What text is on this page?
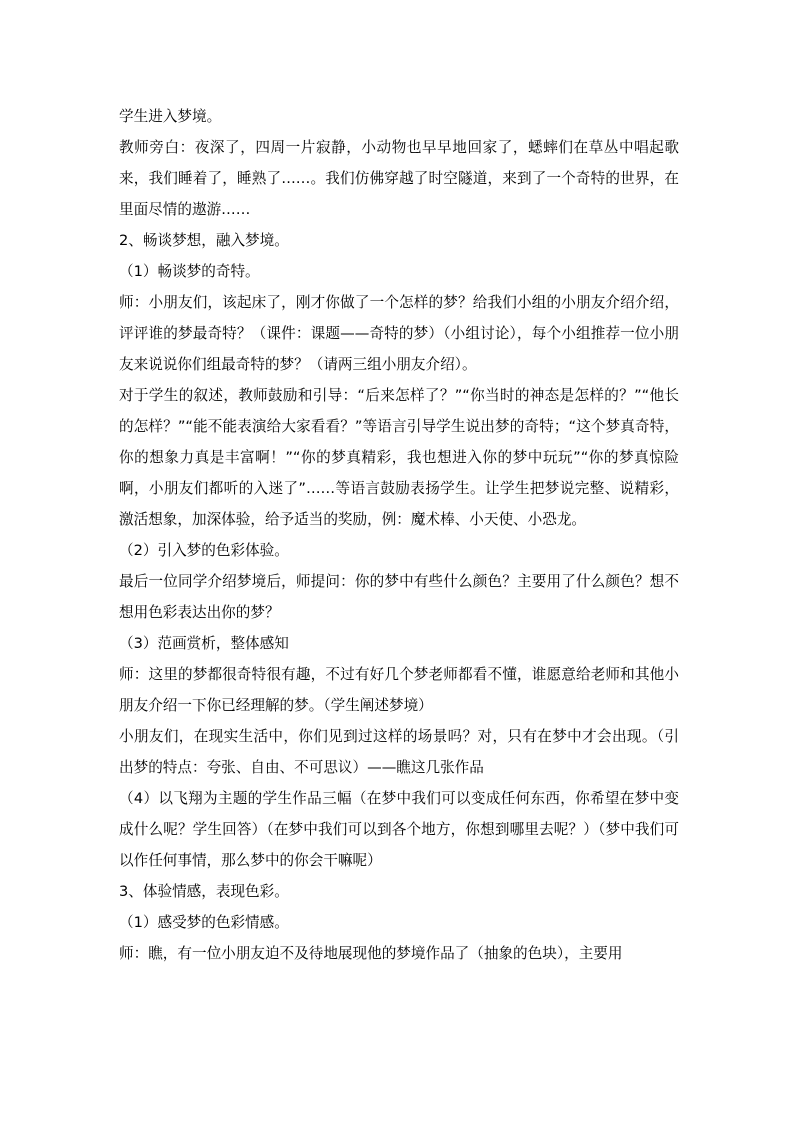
学生进入梦境。

教师旁白：夜深了，四周一片寂静，小动物也早早地回家了，蟋蟀们在草丛中唱起歌来，我们睡着了，睡熟了……。我们仿佛穿越了时空隧道，来到了一个奇特的世界，在里面尽情的遨游……

2、畅谈梦想，融入梦境。

（1）畅谈梦的奇特。

师：小朋友们，该起床了，刚才你做了一个怎样的梦？给我们小组的小朋友介绍介绍，评评谁的梦最奇特？（课件：课题——奇特的梦）（小组讨论），每个小组推荐一位小朋友来说说你们组最奇特的梦？（请两三组小朋友介绍）。

对于学生的叙述，教师鼓励和引导：“后来怎样了？”“你当时的神态是怎样的？”“他长的怎样？”“能不能表演给大家看看？”等语言引导学生说出梦的奇特；“这个梦真奇特，你的想象力真是丰富啊！”“你的梦真精彩，我也想进入你的梦中玩玩”“你的梦真惊险啊，小朋友们都听的入迷了”……等语言鼓励表扬学生。让学生把梦说完整、说精彩，激活想象，加深体验，给予适当的奖励，例：魔术棒、小天使、小恐龙。

（2）引入梦的色彩体验。

最后一位同学介绍梦境后，师提问：你的梦中有些什么颜色？主要用了什么颜色？想不想用色彩表达出你的梦？

（3）范画赏析，整体感知

师：这里的梦都很奇特很有趣，不过有好几个梦老师都看不懂，谁愿意给老师和其他小朋友介绍一下你已经理解的梦。（学生阐述梦境）

小朋友们，在现实生活中，你们见到过这样的场景吗？对，只有在梦中才会出现。（引出梦的特点：夸张、自由、不可思议）——瞧这几张作品

（4）以飞翔为主题的学生作品三幅（在梦中我们可以变成任何东西，你希望在梦中变成什么呢？学生回答）（在梦中我们可以到各个地方，你想到哪里去呢？）（梦中我们可以作任何事情，那么梦中的你会干嘛呢）

3、体验情感，表现色彩。

（1）感受梦的色彩情感。

师：瞧，有一位小朋友迫不及待地展现他的梦境作品了（抽象的色块），主要用
